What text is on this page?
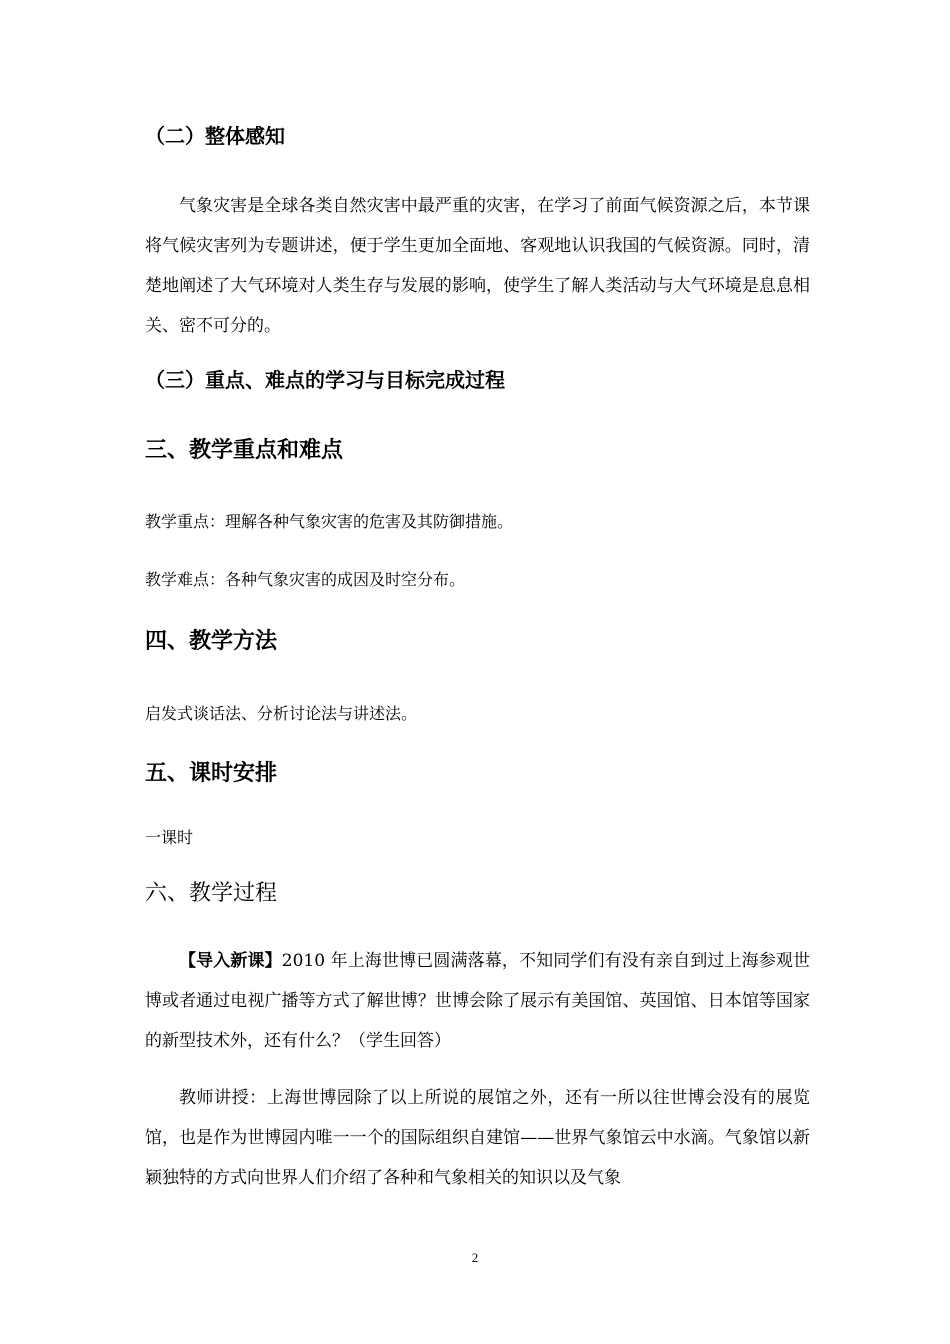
（二）整体感知
气象灾害是全球各类自然灾害中最严重的灾害，在学习了前面气候资源之后，本节课将气候灾害列为专题讲述，便于学生更加全面地、客观地认识我国的气候资源。同时，清楚地阐述了大气环境对人类生存与发展的影响，使学生了解人类活动与大气环境是息息相关、密不可分的。
（三）重点、难点的学习与目标完成过程
三、教学重点和难点
教学重点：理解各种气象灾害的危害及其防御措施。
教学难点：各种气象灾害的成因及时空分布。
四、教学方法
启发式谈话法、分析讨论法与讲述法。
五、课时安排
一课时
六、教学过程
【导入新课】2010 年上海世博已圆满落幕，不知同学们有没有亲自到过上海参观世博或者通过电视广播等方式了解世博？世博会除了展示有美国馆、英国馆、日本馆等国家的新型技术外，还有什么？（学生回答）
教师讲授：上海世博园除了以上所说的展馆之外，还有一所以往世博会没有的展览馆，也是作为世博园内唯一一个的国际组织自建馆——世界气象馆云中水滴。气象馆以新颖独特的方式向世界人们介绍了各种和气象相关的知识以及气象
2
